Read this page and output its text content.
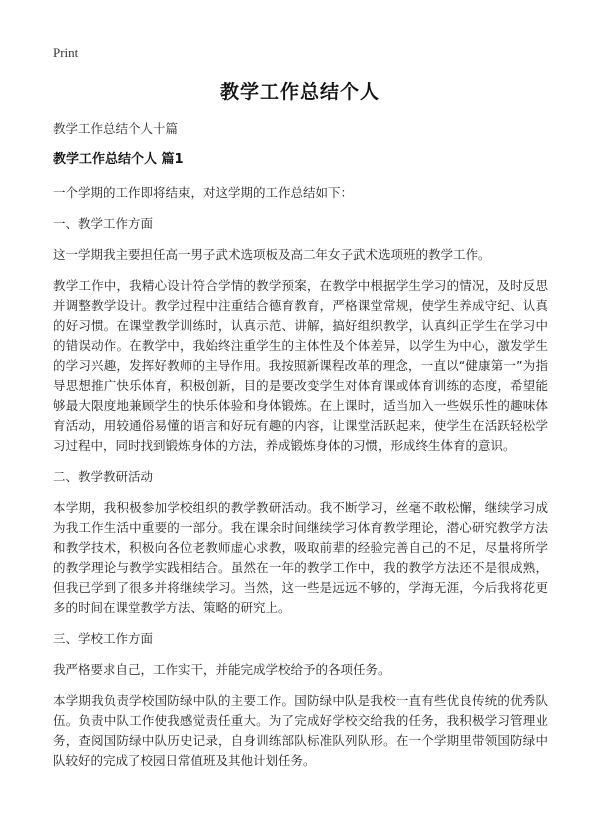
Print
教学工作总结个人

教学工作总结个人十篇

教学工作总结个人 篇1

一个学期的工作即将结束，对这学期的工作总结如下：

一、教学工作方面

这一学期我主要担任高一男子武术选项板及高二年女子武术选项班的教学工作。

教学工作中，我精心设计符合学情的教学预案，在教学中根据学生学习的情况，及时反思并调整教学设计。教学过程中注重结合德育教育，严格课堂常规，使学生养成守纪、认真的好习惯。在课堂教学训练时，认真示范、讲解，搞好组织教学，认真纠正学生在学习中的错误动作。在教学中，我始终注重学生的主体性及个体差异，以学生为中心，激发学生的学习兴趣，发挥好教师的主导作用。我按照新课程改革的理念，一直以“健康第一”为指导思想推广快乐体育，积极创新，目的是要改变学生对体育课或体育训练的态度，希望能够最大限度地兼顾学生的快乐体验和身体锻炼。在上课时，适当加入一些娱乐性的趣味体育活动，用较通俗易懂的语言和好玩有趣的内容，让课堂活跃起来，使学生在活跃轻松学习过程中，同时找到锻炼身体的方法，养成锻炼身体的习惯，形成终生体育的意识。

二、教学教研活动

本学期，我积极参加学校组织的教学教研活动。我不断学习，丝毫不敢松懈，继续学习成为我工作生活中重要的一部分。我在课余时间继续学习体育教学理论，潜心研究教学方法和教学技术，积极向各位老教师虚心求教，吸取前辈的经验完善自己的不足，尽量将所学的教学理论与教学实践相结合。虽然在一年的教学工作中，我的教学方法还不是很成熟，但我已学到了很多并将继续学习。当然，这一些是远远不够的，学海无涯，今后我将花更多的时间在课堂教学方法、策略的研究上。

三、学校工作方面

我严格要求自己，工作实干，并能完成学校给予的各项任务。

本学期我负责学校国防绿中队的主要工作。国防绿中队是我校一直有些优良传统的优秀队伍。负责中队工作使我感觉责任重大。为了完成好学校交给我的任务，我积极学习管理业务，查阅国防绿中队历史记录，自身训练部队标准队列队形。在一个学期里带领国防绿中队较好的完成了校园日常值班及其他计划任务。
